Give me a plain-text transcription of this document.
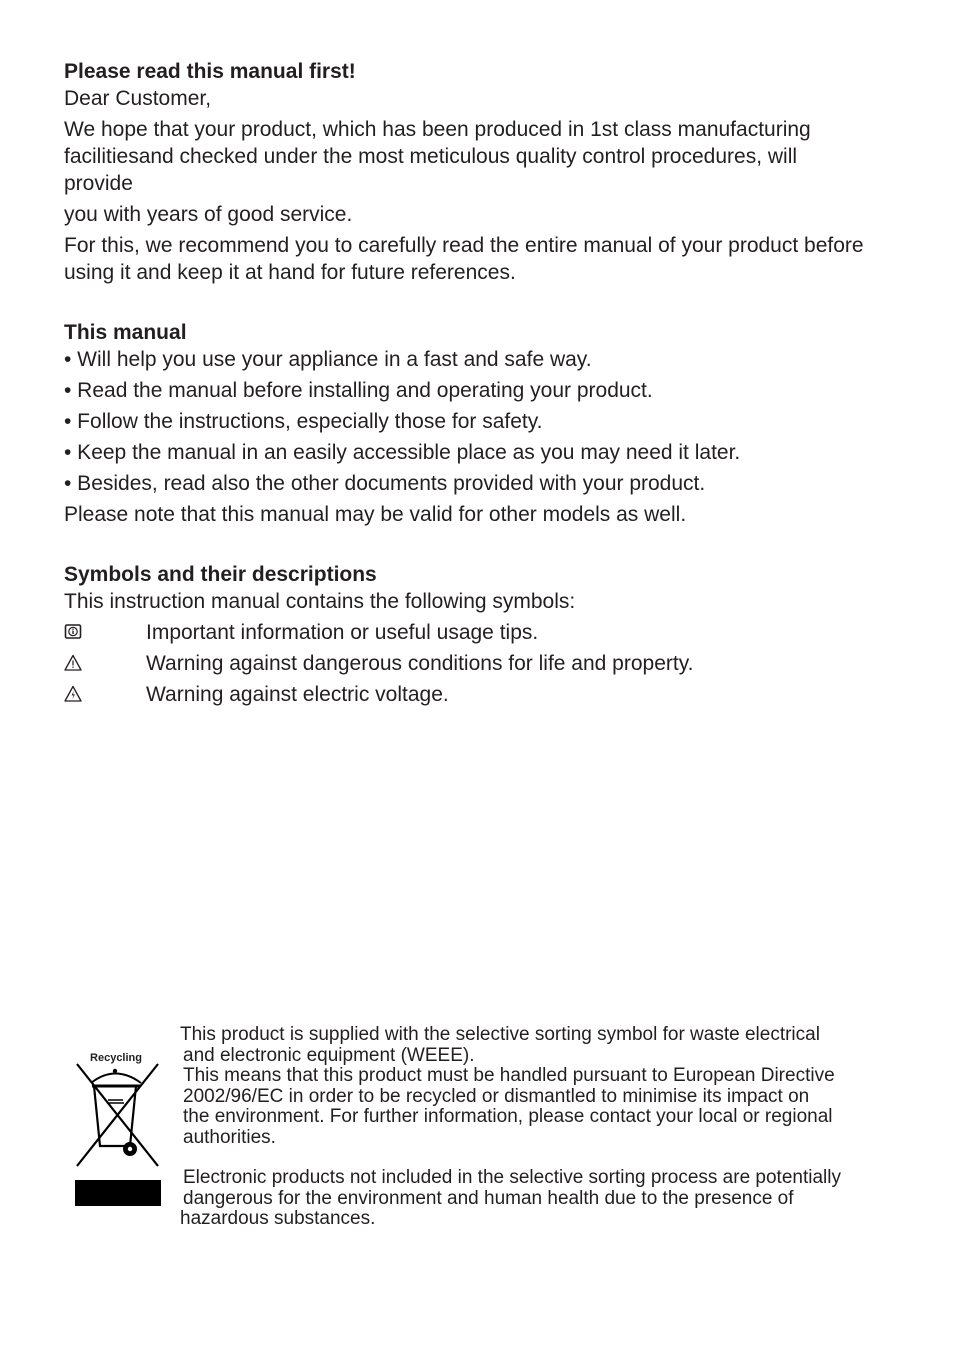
Please read this manual first!

Dear Customer,

We hope that your product, which has been produced in 1st class manufacturing
facilitiesand checked under the most meticulous quality control procedures, will
provide

you with years of good service.

For this, we recommend you to carefully read the entire manual of your product before using it and keep it at hand for future references.

This manual

• Will help you use your appliance in a fast and safe way.

• Read the manual before installing and operating your product.

• Follow the instructions, especially those for safety.

• Keep the manual in an easily accessible place as you may need it later.

• Besides, read also the other documents provided with your product.

Please note that this manual may be valid for other models as well.

Symbols and their descriptions

This instruction manual contains the following symbols:

Important information or useful usage tips.
Warning against dangerous conditions for life and property.
Warning against electric voltage.
Recycling

This product is supplied with the selective sorting symbol for waste electrical

and electronic equipment (WEEE).

This means that this product must be handled pursuant to European Directive

2002/96/EC in order to be recycled or dismantled to minimise its impact on

the environment. For further information, please contact your local or regional

authorities.

Electronic products not included in the selective sorting process are potentially

dangerous for the environment and human health due to the presence of

hazardous substances.
